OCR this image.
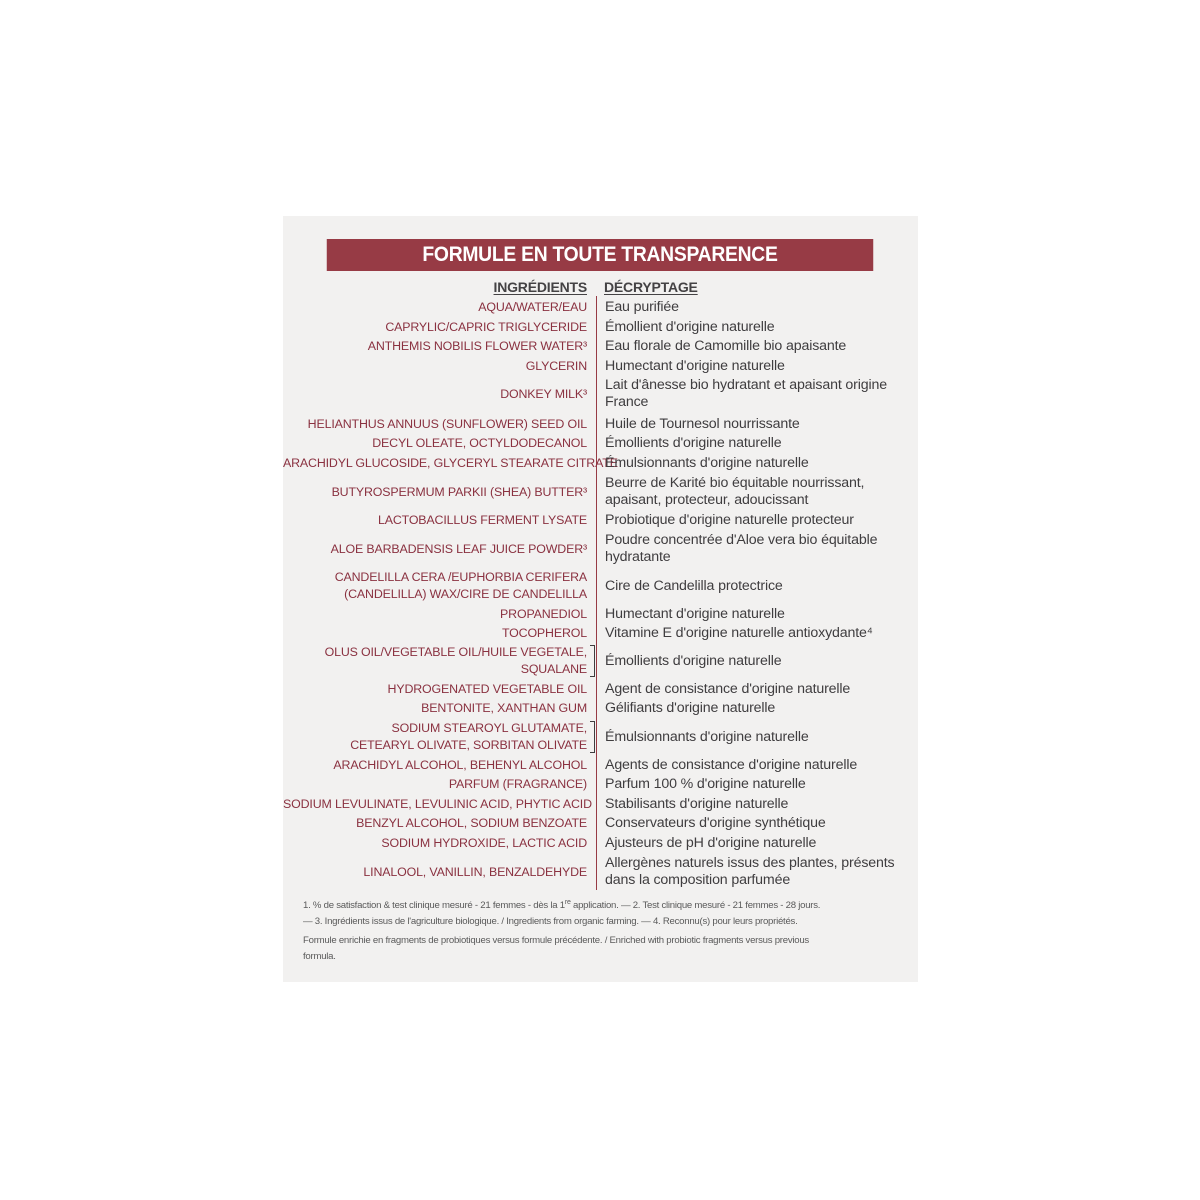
FORMULE EN TOUTE TRANSPARENCE
INGRÉDIENTS DÉCRYPTAGE
AQUA/WATER/EAU Eau purifiée
CAPRYLIC/CAPRIC TRIGLYCERIDE Émollient d'origine naturelle
ANTHEMIS NOBILIS FLOWER WATER³ Eau florale de Camomille bio apaisante
GLYCERIN Humectant d'origine naturelle
DONKEY MILK³
Lait d'ânesse bio hydratant et apaisant origine France
HELIANTHUS ANNUUS (SUNFLOWER) SEED OIL Huile de Tournesol nourrissante
DECYL OLEATE, OCTYLDODECANOL Émollients d'origine naturelle
ARACHIDYL GLUCOSIDE, GLYCERYL STEARATE CITRATE
Émulsionnants d'origine naturelle
BUTYROSPERMUM PARKII (SHEA) BUTTER³
Beurre de Karité bio équitable nourrissant, apaisant, protecteur, adoucissant
LACTOBACILLUS FERMENT LYSATE Probiotique d'origine naturelle protecteur
ALOE BARBADENSIS LEAF JUICE POWDER³
Poudre concentrée d'Aloe vera bio équitable hydratante
CANDELILLA CERA /EUPHORBIA CERIFERA
(CANDELILLA) WAX/CIRE DE CANDELILLA
Cire de Candelilla protectrice
PROPANEDIOL Humectant d'origine naturelle
TOCOPHEROL Vitamine E d'origine naturelle antioxydante⁴
OLUS OIL/VEGETABLE OIL/HUILE VEGETALE,
SQUALANE
Émollients d'origine naturelle
HYDROGENATED VEGETABLE OIL Agent de consistance d'origine naturelle
BENTONITE, XANTHAN GUM Gélifiants d'origine naturelle
SODIUM STEAROYL GLUTAMATE,
CETEARYL OLIVATE, SORBITAN OLIVATE
Émulsionnants d'origine naturelle
ARACHIDYL ALCOHOL, BEHENYL ALCOHOL Agents de consistance d'origine naturelle
PARFUM (FRAGRANCE) Parfum 100 % d'origine naturelle
SODIUM LEVULINATE, LEVULINIC ACID, PHYTIC ACID Stabilisants d'origine naturelle
BENZYL ALCOHOL, SODIUM BENZOATE Conservateurs d'origine synthétique
SODIUM HYDROXIDE, LACTIC ACID Ajusteurs de pH d'origine naturelle
LINALOOL, VANILLIN, BENZALDEHYDE
Allergènes naturels issus des plantes, présents dans la composition parfumée
1. % de satisfaction & test clinique mesuré - 21 femmes - dès la 1re application. — 2. Test clinique mesuré - 21 femmes - 28 jours.
— 3. Ingrédients issus de l'agriculture biologique. / Ingredients from organic farming. — 4. Reconnu(s) pour leurs propriétés.
Formule enrichie en fragments de probiotiques versus formule précédente. / Enriched with probiotic fragments versus previous
formula.
